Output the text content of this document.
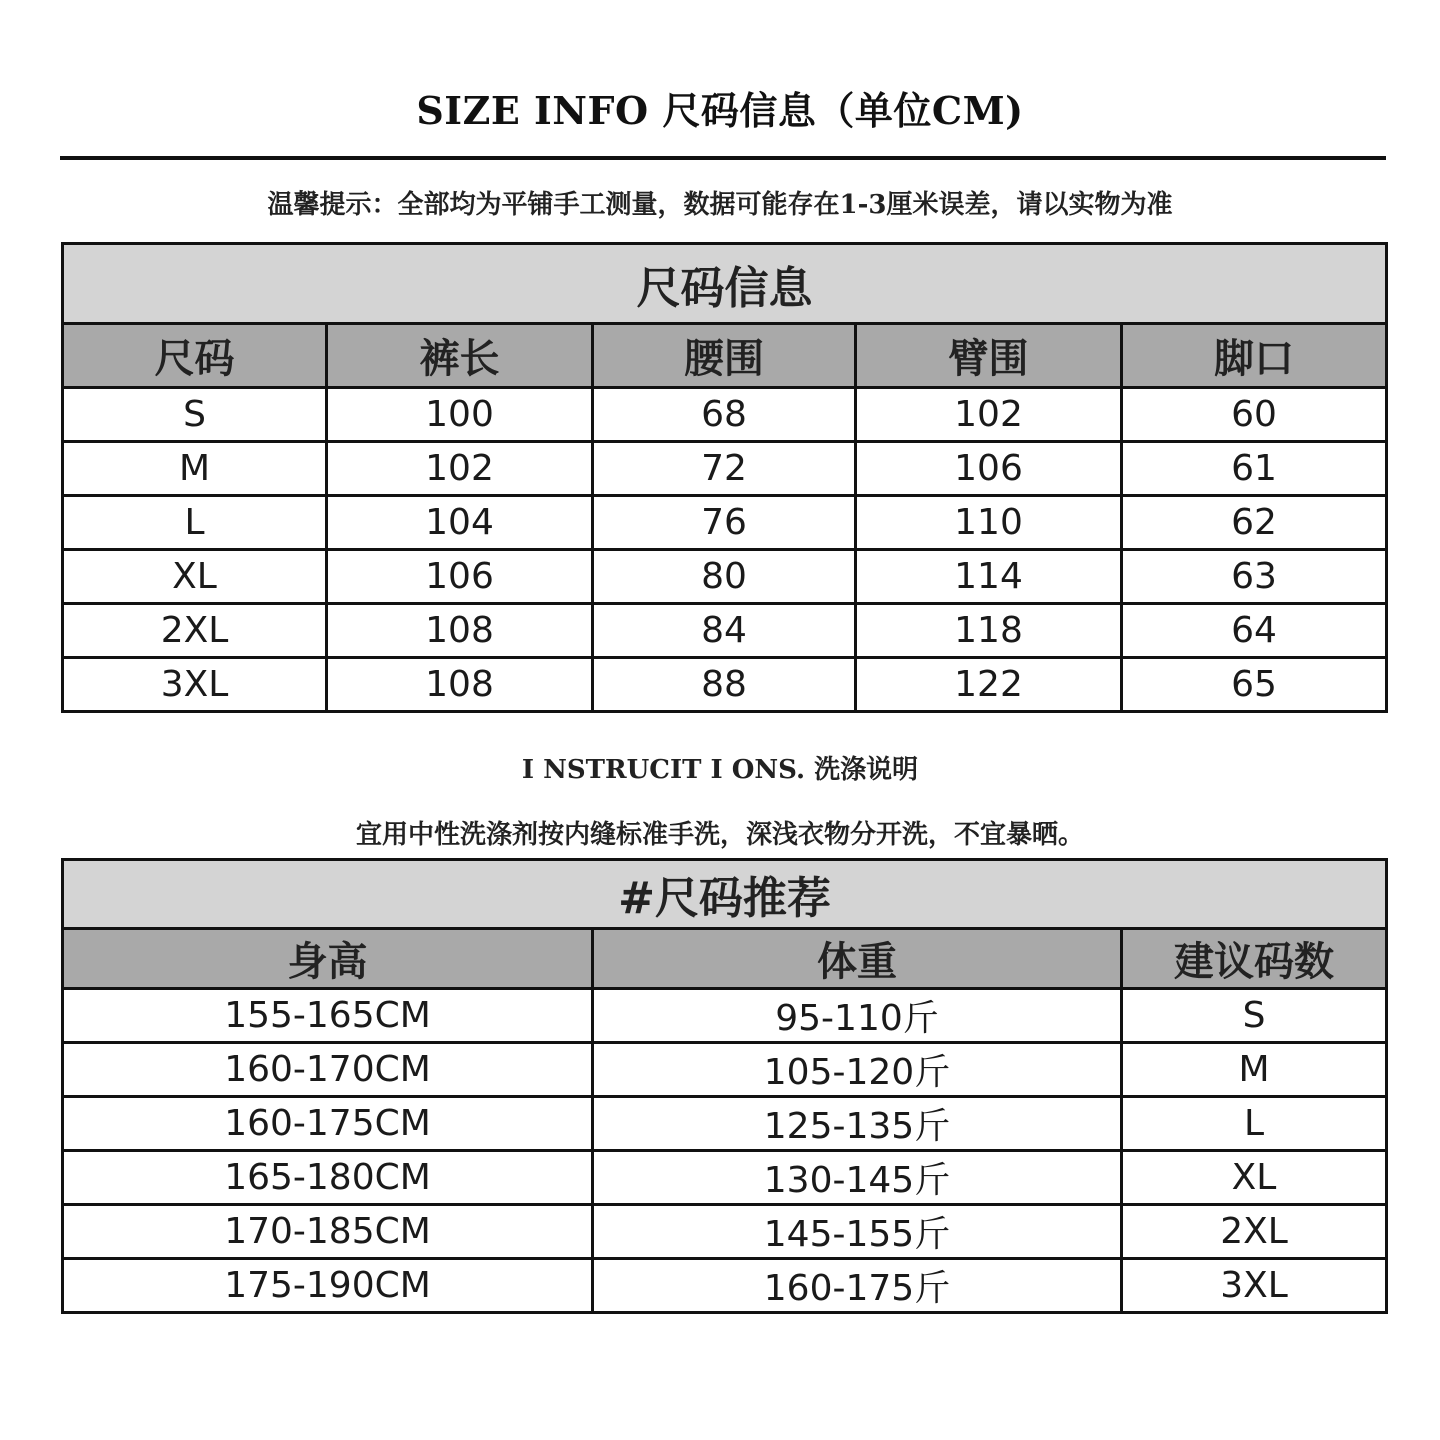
SIZE INFO 尺码信息（单位CM)
温馨提示：全部均为平铺手工测量，数据可能存在1-3厘米误差，请以实物为准
尺码信息				
尺码	裤长	腰围	臂围	脚口
S	100	68	102	60
M	102	72	106	61
L	104	76	110	62
XL	106	80	114	63
2XL	108	84	118	64
3XL	108	88	122	65
I NSTRUCIT I ONS. 洗涤说明
宜用中性洗涤剂按内缝标准手洗，深浅衣物分开洗，不宜暴晒。
#尺码推荐		
身高	体重	建议码数
155-165CM	95-110斤	S
160-170CM	105-120斤	M
160-175CM	125-135斤	L
165-180CM	130-145斤	XL
170-185CM	145-155斤	2XL
175-190CM	160-175斤	3XL
